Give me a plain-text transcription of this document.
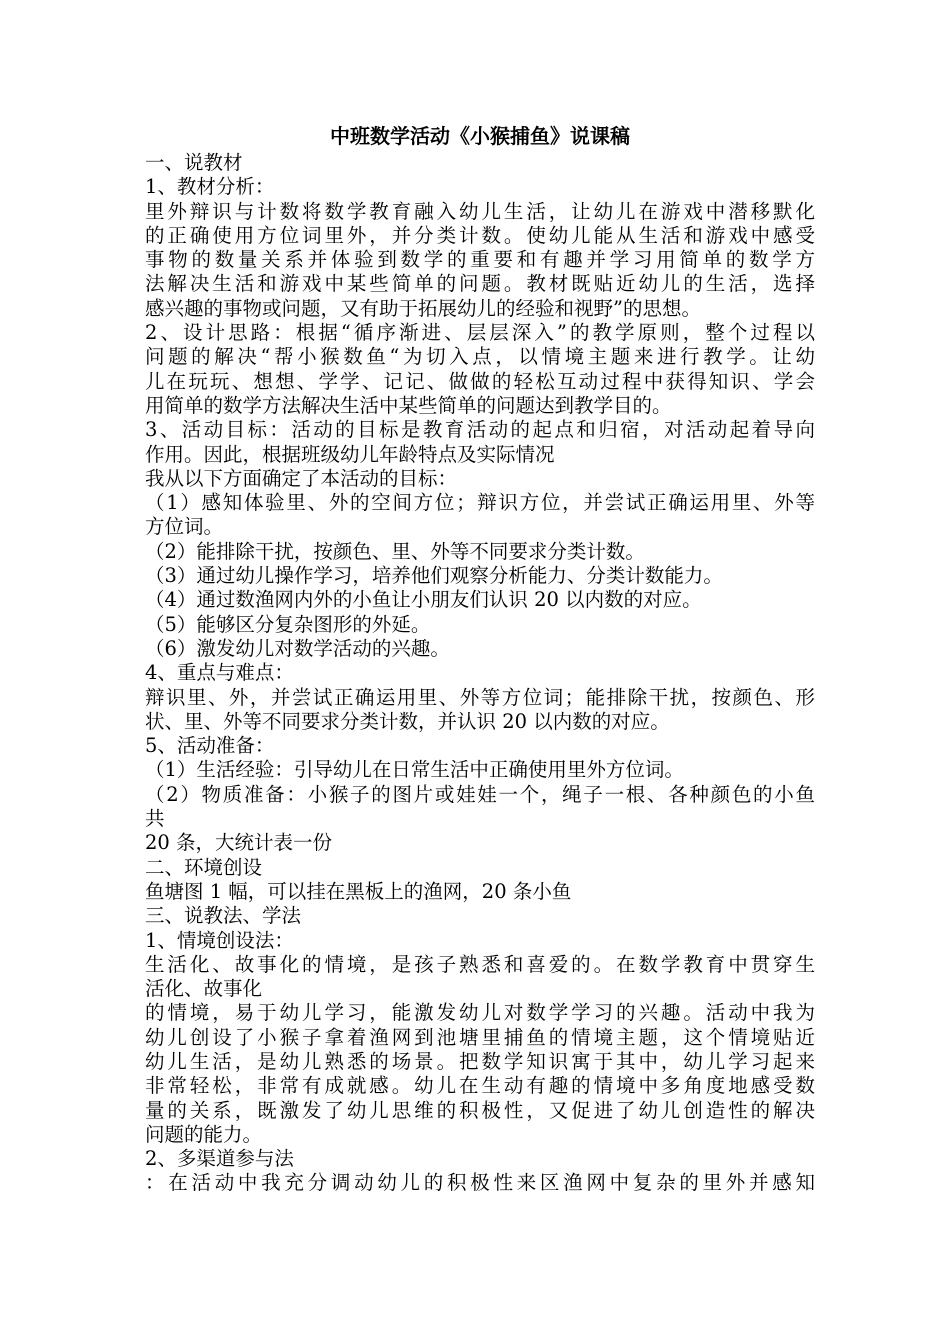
中班数学活动《小猴捕鱼》说课稿
一、说教材
1、教材分析：
里外辩识与计数将数学教育融入幼儿生活，让幼儿在游戏中潜移默化
的正确使用方位词里外，并分类计数。使幼儿能从生活和游戏中感受
事物的数量关系并体验到数学的重要和有趣并学习用简单的数学方
法解决生活和游戏中某些简单的问题。教材既贴近幼儿的生活，选择
感兴趣的事物或问题，又有助于拓展幼儿的经验和视野”的思想。
2、设计思路：根据“循序渐进、层层深入”的教学原则，整个过程以
问题的解决“帮小猴数鱼“为切入点，以情境主题来进行教学。让幼
儿在玩玩、想想、学学、记记、做做的轻松互动过程中获得知识、学会
用简单的数学方法解决生活中某些简单的问题达到教学目的。
3、活动目标：活动的目标是教育活动的起点和归宿，对活动起着导向
作用。因此，根据班级幼儿年龄特点及实际情况
我从以下方面确定了本活动的目标：
（1）感知体验里、外的空间方位；辩识方位，并尝试正确运用里、外等
方位词。
（2）能排除干扰，按颜色、里、外等不同要求分类计数。
（3）通过幼儿操作学习，培养他们观察分析能力、分类计数能力。
（4）通过数渔网内外的小鱼让小朋友们认识 20 以内数的对应。
（5）能够区分复杂图形的外延。
（6）激发幼儿对数学活动的兴趣。
4、重点与难点：
辩识里、外，并尝试正确运用里、外等方位词；能排除干扰，按颜色、形
状、里、外等不同要求分类计数，并认识 20 以内数的对应。
5、活动准备：
（1）生活经验：引导幼儿在日常生活中正确使用里外方位词。
（2）物质准备：小猴子的图片或娃娃一个，绳子一根、各种颜色的小鱼
共
20 条，大统计表一份
二、环境创设
鱼塘图 1 幅，可以挂在黑板上的渔网，20 条小鱼
三、说教法、学法
1、情境创设法：
生活化、故事化的情境，是孩子熟悉和喜爱的。在数学教育中贯穿生
活化、故事化
的情境，易于幼儿学习，能激发幼儿对数学学习的兴趣。活动中我为
幼儿创设了小猴子拿着渔网到池塘里捕鱼的情境主题，这个情境贴近
幼儿生活，是幼儿熟悉的场景。把数学知识寓于其中，幼儿学习起来
非常轻松，非常有成就感。幼儿在生动有趣的情境中多角度地感受数
量的关系，既激发了幼儿思维的积极性，又促进了幼儿创造性的解决
问题的能力。
2、多渠道参与法
：在活动中我充分调动幼儿的积极性来区渔网中复杂的里外并感知
